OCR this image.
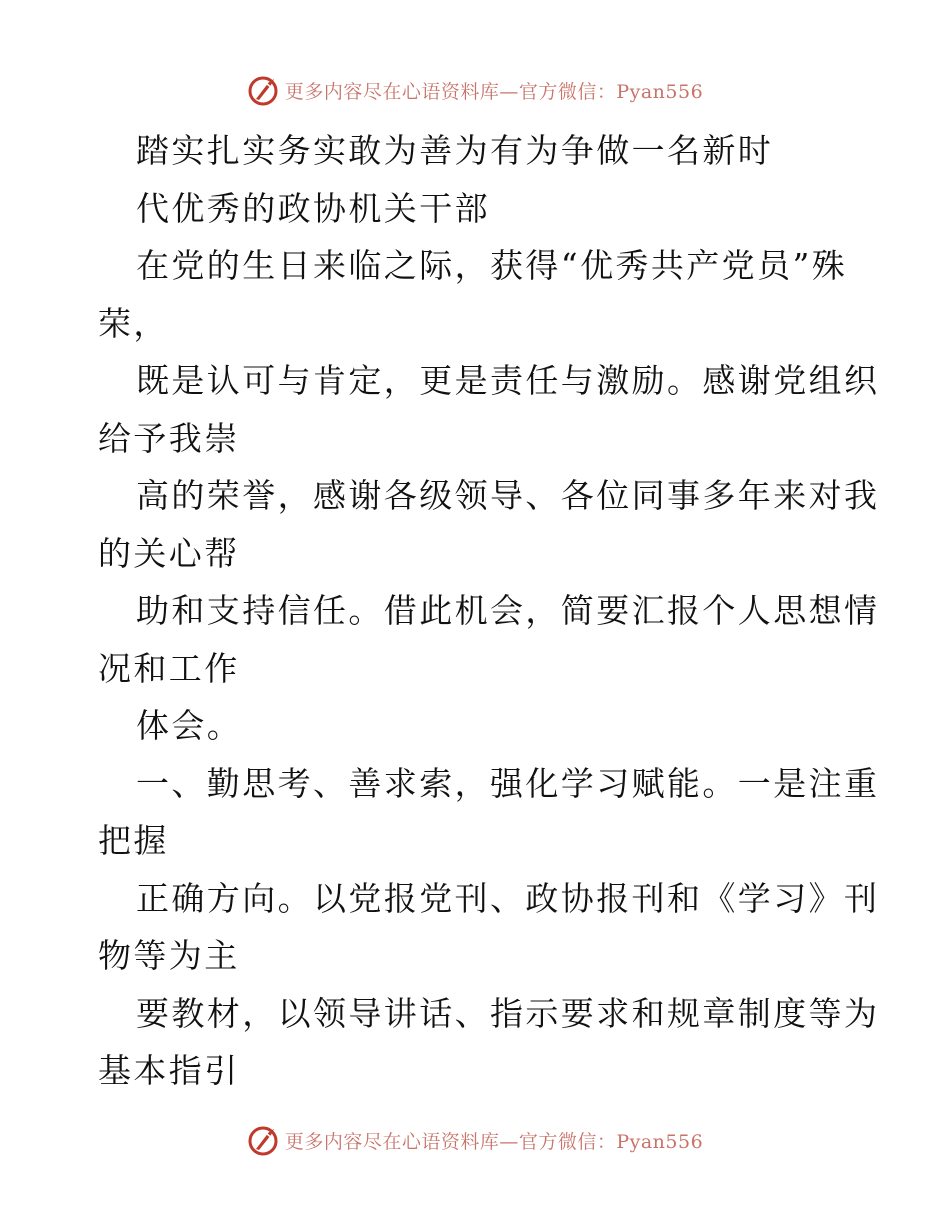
更多内容尽在心语资料库—官方微信：Pyan556
踏实扎实务实敢为善为有为争做一名新时
代优秀的政协机关干部
在党的生日来临之际，获得“优秀共产党员”殊
荣，
既是认可与肯定，更是责任与激励。感谢党组织
给予我崇
高的荣誉，感谢各级领导、各位同事多年来对我
的关心帮
助和支持信任。借此机会，简要汇报个人思想情
况和工作
体会。
一、勤思考、善求索，强化学习赋能。一是注重
把握
正确方向。以党报党刊、政协报刊和《学习》刊
物等为主
要教材，以领导讲话、指示要求和规章制度等为
基本指引
更多内容尽在心语资料库—官方微信：Pyan556
